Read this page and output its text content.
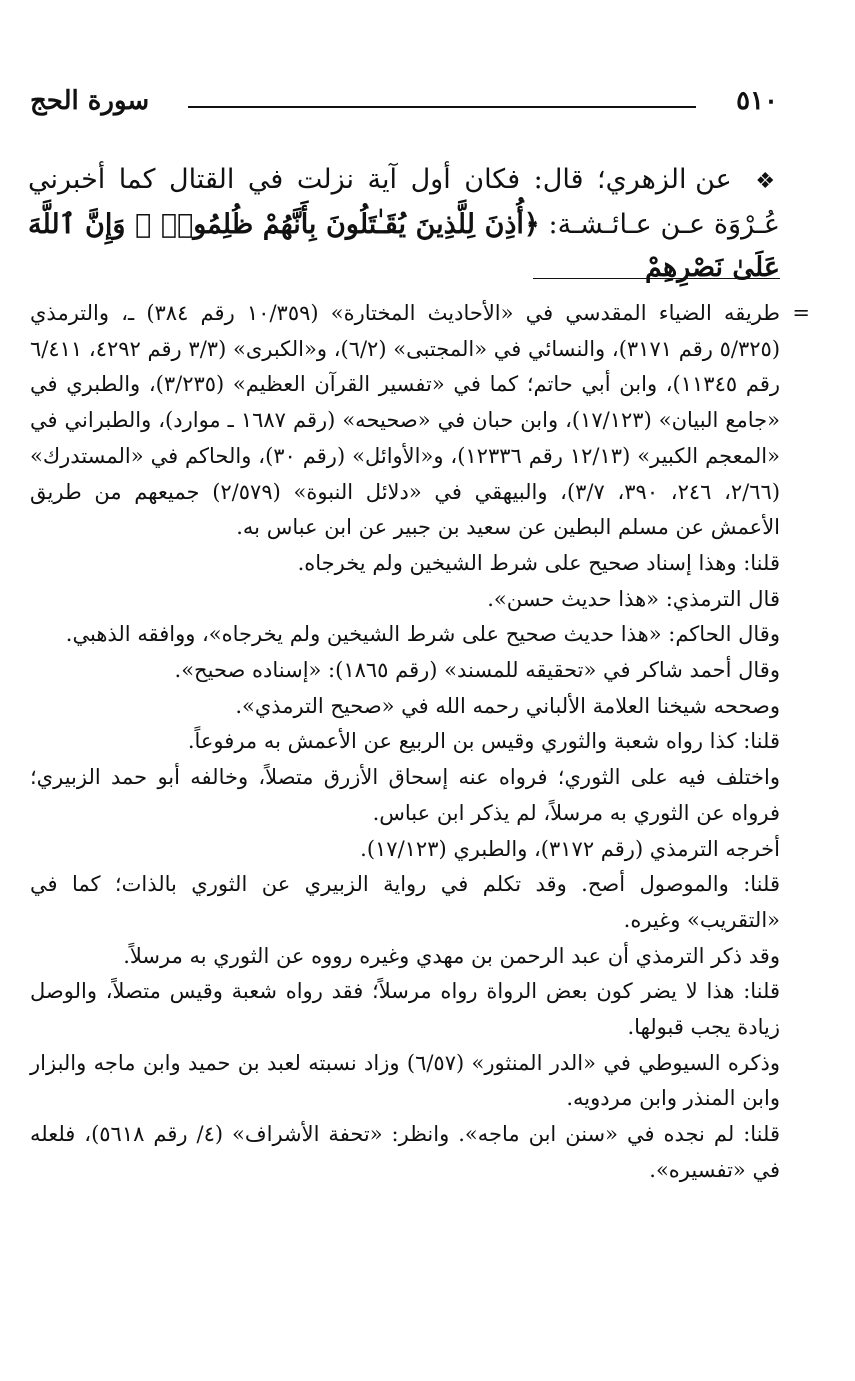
٥١٠
سورة الحج
❖ عن الزهري؛ قال: فكان أول آية نزلت في القتال كما أخبرني عُـرْوَة عـن عـائـشـة: ﴿أُذِنَ لِلَّذِينَ يُقَـٰتَلُونَ بِأَنَّهُمْ ظُلِمُوا۟ ۚ وَإِنَّ ٱللَّهَ عَلَىٰ نَصْرِهِمْ

=
طريقه الضياء المقدسي في «الأحاديث المختارة» (١٠/٣٥٩ رقم ٣٨٤) ـ، والترمذي (٥/٣٢٥ رقم ٣١٧١)، والنسائي في «المجتبى» (٦/٢)، و«الكبرى» (٣/٣ رقم ٤٢٩٢، ٦/٤١١ رقم ١١٣٤٥)، وابن أبي حاتم؛ كما في «تفسير القرآن العظيم» (٣/٢٣٥)، والطبري في «جامع البيان» (١٧/١٢٣)، وابن حبان في «صحيحه» (رقم ١٦٨٧ ـ موارد)، والطبراني في «المعجم الكبير» (١٢/١٣ رقم ١٢٣٣٦)، و«الأوائل» (رقم ٣٠)، والحاكم في «المستدرك» (٢/٦٦، ٢٤٦، ٣٩٠، ٣/٧)، والبيهقي في «دلائل النبوة» (٢/٥٧٩) جميعهم من طريق الأعمش عن مسلم البطين عن سعيد بن جبير عن ابن عباس به.

قلنا: وهذا إسناد صحيح على شرط الشيخين ولم يخرجاه.

قال الترمذي: «هذا حديث حسن».

وقال الحاكم: «هذا حديث صحيح على شرط الشيخين ولم يخرجاه»، ووافقه الذهبي.

وقال أحمد شاكر في «تحقيقه للمسند» (رقم ١٨٦٥): «إسناده صحيح».

وصححه شيخنا العلامة الألباني رحمه الله في «صحيح الترمذي».

قلنا: كذا رواه شعبة والثوري وقيس بن الربيع عن الأعمش به مرفوعاً.

واختلف فيه على الثوري؛ فرواه عنه إسحاق الأزرق متصلاً، وخالفه أبو حمد الزبيري؛ فرواه عن الثوري به مرسلاً، لم يذكر ابن عباس.

أخرجه الترمذي (رقم ٣١٧٢)، والطبري (١٧/١٢٣).

قلنا: والموصول أصح. وقد تكلم في رواية الزبيري عن الثوري بالذات؛ كما في «التقريب» وغيره.

وقد ذكر الترمذي أن عبد الرحمن بن مهدي وغيره رووه عن الثوري به مرسلاً.

قلنا: هذا لا يضر كون بعض الرواة رواه مرسلاً؛ فقد رواه شعبة وقيس متصلاً، والوصل زيادة يجب قبولها.

وذكره السيوطي في «الدر المنثور» (٦/٥٧) وزاد نسبته لعبد بن حميد وابن ماجه والبزار وابن المنذر وابن مردويه.

قلنا: لم نجده في «سنن ابن ماجه». وانظر: «تحفة الأشراف» (٤/ رقم ٥٦١٨)، فلعله في «تفسيره».
